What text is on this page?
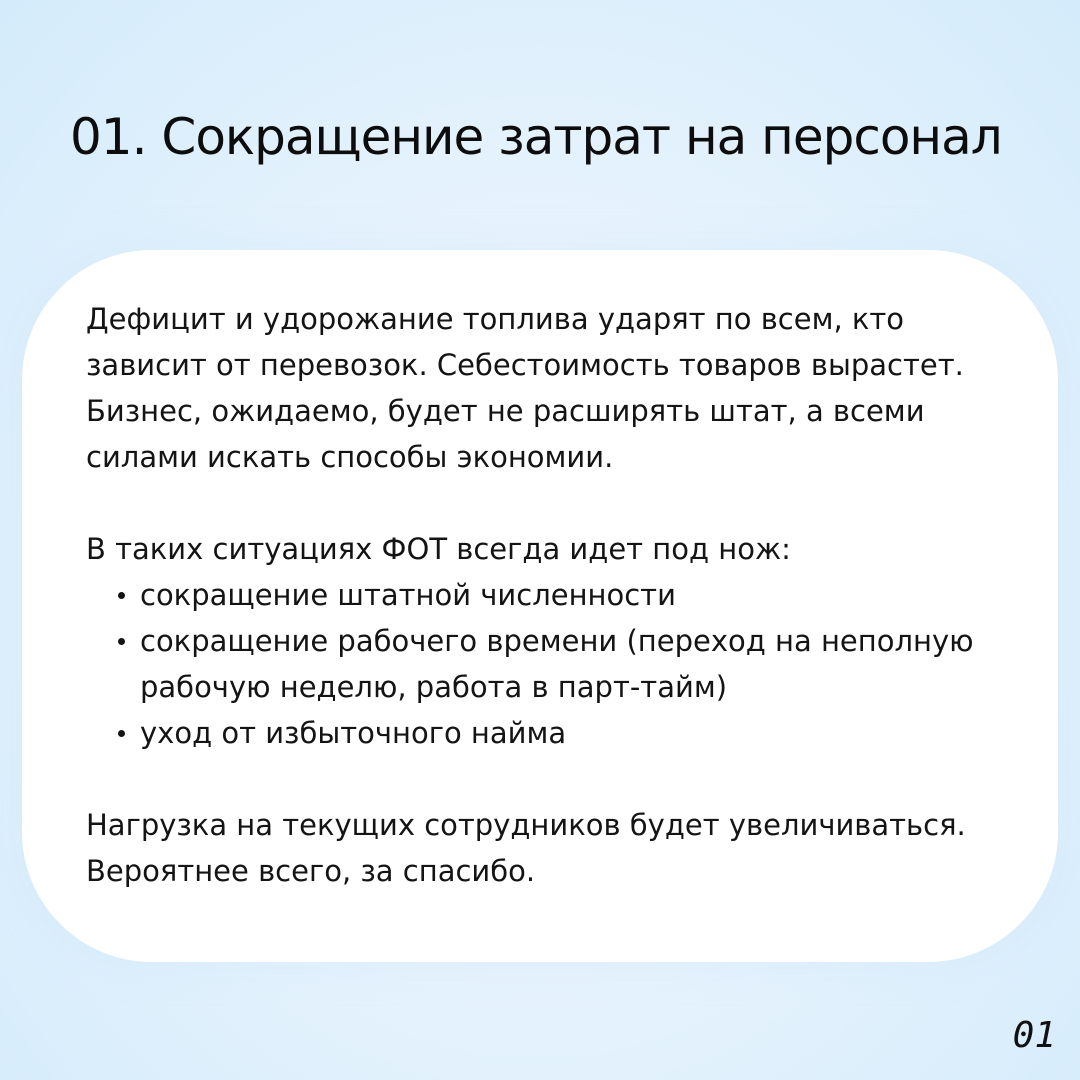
01. Сокращение затрат на персонал

Дефицит и удорожание топлива ударят по всем, кто зависит от перевозок. Себестоимость товаров вырастет. Бизнес, ожидаемо, будет не расширять штат, а всеми силами искать способы экономии.

В таких ситуациях ФОТ всегда идет под нож:

сокращение штатной численности
сокращение рабочего времени (переход на неполную рабочую неделю, работа в парт-тайм)
уход от избыточного найма

Нагрузка на текущих сотрудников будет увеличиваться. Вероятнее всего, за спасибо.

01
